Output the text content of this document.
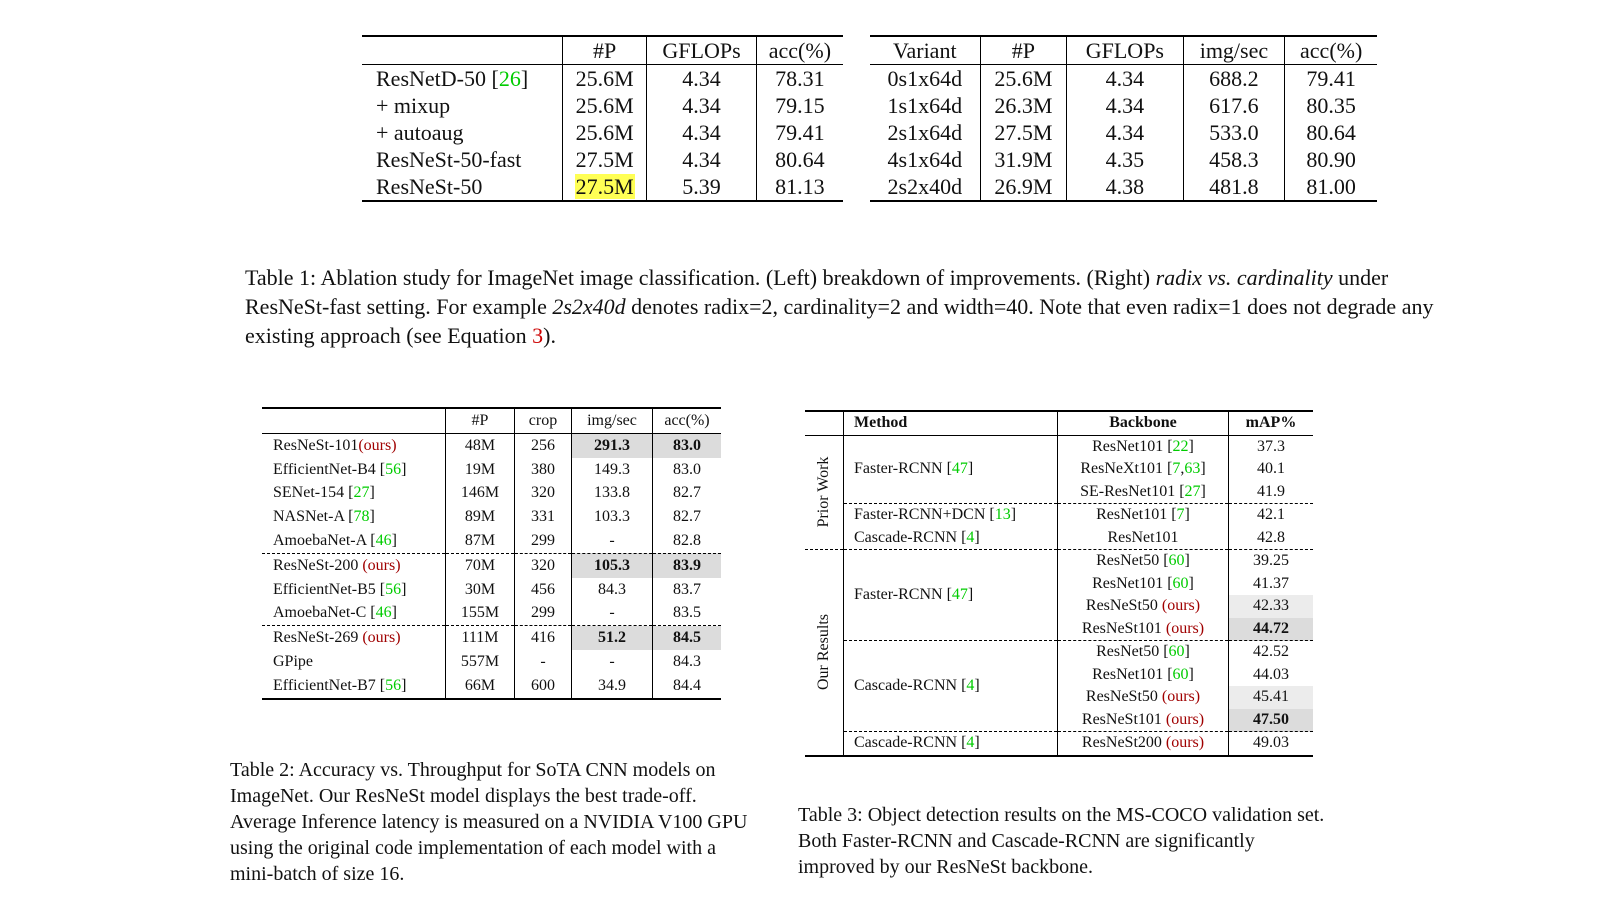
	#P	GFLOPs	acc(%)
ResNetD-50 [26]	25.6M	4.34	78.31
+ mixup	25.6M	4.34	79.15
+ autoaug	25.6M	4.34	79.41
ResNeSt-50-fast	27.5M	4.34	80.64
ResNeSt-50	27.5M	5.39	81.13
Variant	#P	GFLOPs	img/sec	acc(%)
0s1x64d	25.6M	4.34	688.2	79.41
1s1x64d	26.3M	4.34	617.6	80.35
2s1x64d	27.5M	4.34	533.0	80.64
4s1x64d	31.9M	4.35	458.3	80.90
2s2x40d	26.9M	4.38	481.8	81.00
Table 1: Ablation study for ImageNet image classification. (Left) breakdown of improvements. (Right) radix vs. cardinality under ResNeSt-fast setting. For example 2s2x40d denotes radix=2, cardinality=2 and width=40. Note that even radix=1 does not degrade any existing approach (see Equation 3).
	#P	crop	img/sec	acc(%)
ResNeSt-101(ours)	48M	256	291.3	83.0
EfficientNet-B4 [56]	19M	380	149.3	83.0
SENet-154 [27]	146M	320	133.8	82.7
NASNet-A [78]	89M	331	103.3	82.7
AmoebaNet-A [46]	87M	299	-	82.8
ResNeSt-200 (ours)	70M	320	105.3	83.9
EfficientNet-B5 [56]	30M	456	84.3	83.7
AmoebaNet-C [46]	155M	299	-	83.5
ResNeSt-269 (ours)	111M	416	51.2	84.5
GPipe	557M	-	-	84.3
EfficientNet-B7 [56]	66M	600	34.9	84.4
Table 2: Accuracy vs. Throughput for SoTA CNN models on ImageNet. Our ResNeSt model displays the best trade-off. Average Inference latency is measured on a NVIDIA V100 GPU using the original code implementation of each model with a mini-batch of size 16.
	Method	Backbone	mAP%

Prior Work	Faster-RCNN [47]	ResNet101 [22]	37.3
		ResNeXt101 [7,63]	40.1
		SE-ResNet101 [27]	41.9
	Faster-RCNN+DCN [13]	ResNet101 [7]	42.1
	Cascade-RCNN [4]	ResNet101	42.8

Our Results	Faster-RCNN [47]	ResNet50 [60]	39.25
		ResNet101 [60]	41.37
		ResNeSt50 (ours)	42.33
		ResNeSt101 (ours)	44.72
	Cascade-RCNN [4]	ResNet50 [60]	42.52
		ResNet101 [60]	44.03
		ResNeSt50 (ours)	45.41
		ResNeSt101 (ours)	47.50
	Cascade-RCNN [4]	ResNeSt200 (ours)	49.03
Table 3: Object detection results on the MS-COCO validation set. Both Faster-RCNN and Cascade-RCNN are significantly improved by our ResNeSt backbone.
